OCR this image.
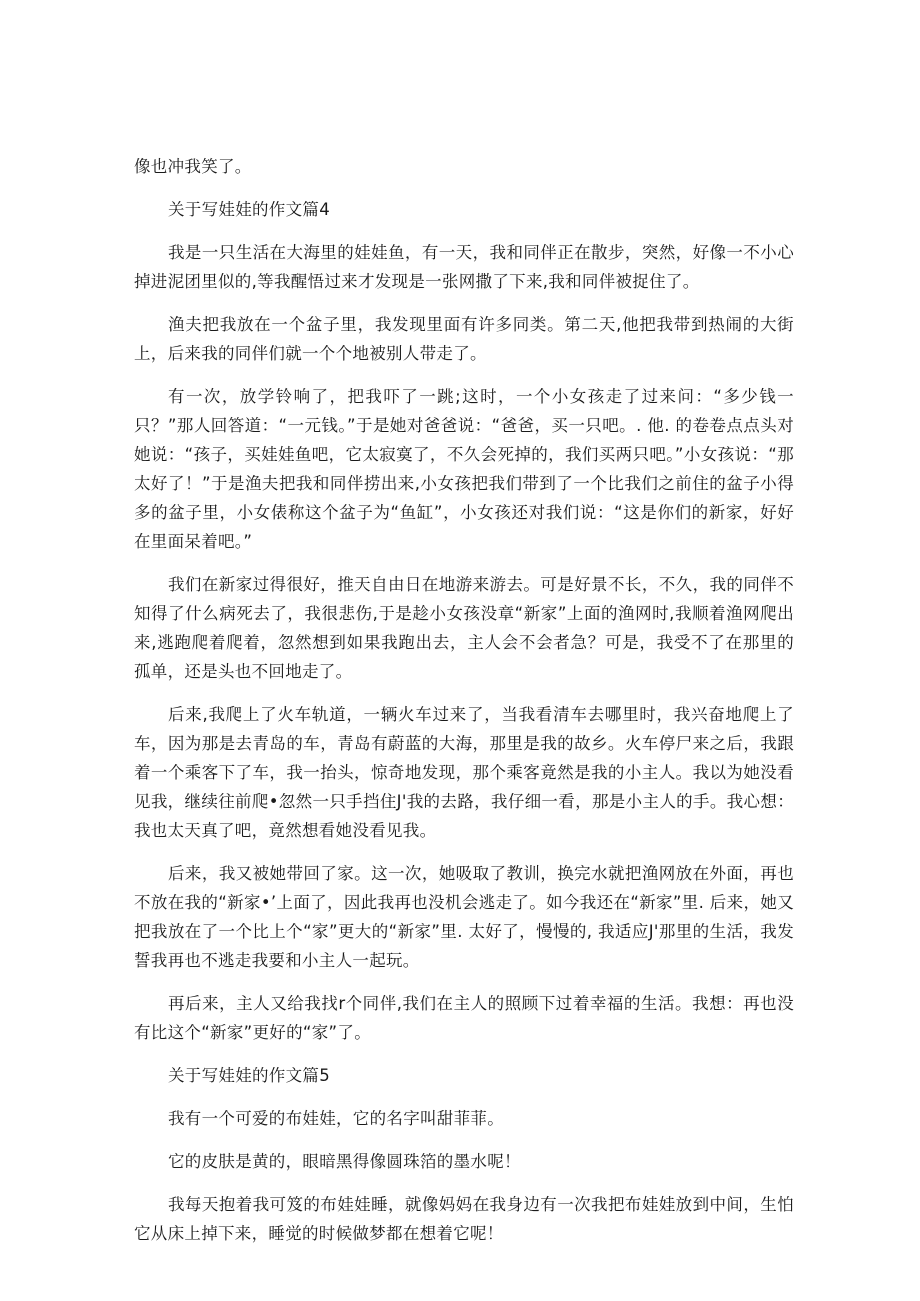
像也冲我笑了。

关于写娃娃的作文篇4

我是一只生活在大海里的娃娃鱼，有一天，我和同伴正在散步，突然，好像一不小心掉进泥团里似的,等我醒悟过来才发现是一张网撒了下来,我和同伴被捉住了。

渔夫把我放在一个盆子里，我发现里面有许多同类。第二天,他把我带到热闹的大街上，后来我的同伴们就一个个地被别人带走了。

有一次，放学铃响了，把我吓了一跳;这时，一个小女孩走了过来问：“多少钱一只？”那人回答道：“一元钱。”于是她对爸爸说：“爸爸，买一只吧。. 他. 的卷卷点点头对她说：“孩子，买娃娃鱼吧，它太寂寞了，不久会死掉的，我们买两只吧。”小女孩说：“那太好了！”于是渔夫把我和同伴捞出来,小女孩把我们带到了一个比我们之前住的盆子小得多的盆子里，小女俵称这个盆子为“鱼缸”，小女孩还对我们说：“这是你们的新家，好好在里面呆着吧。”

我们在新家过得很好，推天自由日在地游来游去。可是好景不长，不久，我的同伴不知得了什么病死去了，我很悲伤,于是趁小女孩没章“新家”上面的渔网时,我顺着渔网爬出来,逃跑爬着爬着，忽然想到如果我跑出去，主人会不会者急？可是，我受不了在那里的孤单，还是头也不回地走了。

后来,我爬上了火车轨道，一辆火车过来了，当我看清车去哪里时，我兴奋地爬上了车，因为那是去青岛的车，青岛有蔚蓝的大海，那里是我的故乡。火车停尸来之后，我跟着一个乘客下了车，我一抬头，惊奇地发现，那个乘客竟然是我的小主人。我以为她没看见我，继续往前爬•忽然一只手挡住J'我的去路，我仔细一看，那是小主人的手。我心想：我也太天真了吧，竟然想看她没看见我。

后来，我又被她带回了家。这一次，她吸取了教训，换完水就把渔网放在外面，再也不放在我的“新家•’上面了，因此我再也没机会逃走了。如今我还在“新家”里. 后来，她又把我放在了一个比上个“家”更大的“新家”里. 太好了，慢慢的, 我适应J'那里的生活，我发誓我再也不逃走我要和小主人一起玩。

再后来，主人又给我找r个同伴,我们在主人的照顾下过着幸福的生活。我想：再也没有比这个“新家”更好的“家”了。

关于写娃娃的作文篇5

我有一个可爱的布娃娃，它的名字叫甜菲菲。

它的皮肤是黄的，眼暗黑得像圆珠箔的墨水呢！

我每天抱着我可笈的布娃娃睡，就像妈妈在我身边有一次我把布娃娃放到中间，生怕它从床上掉下来，睡觉的时候做梦都在想着它呢！
